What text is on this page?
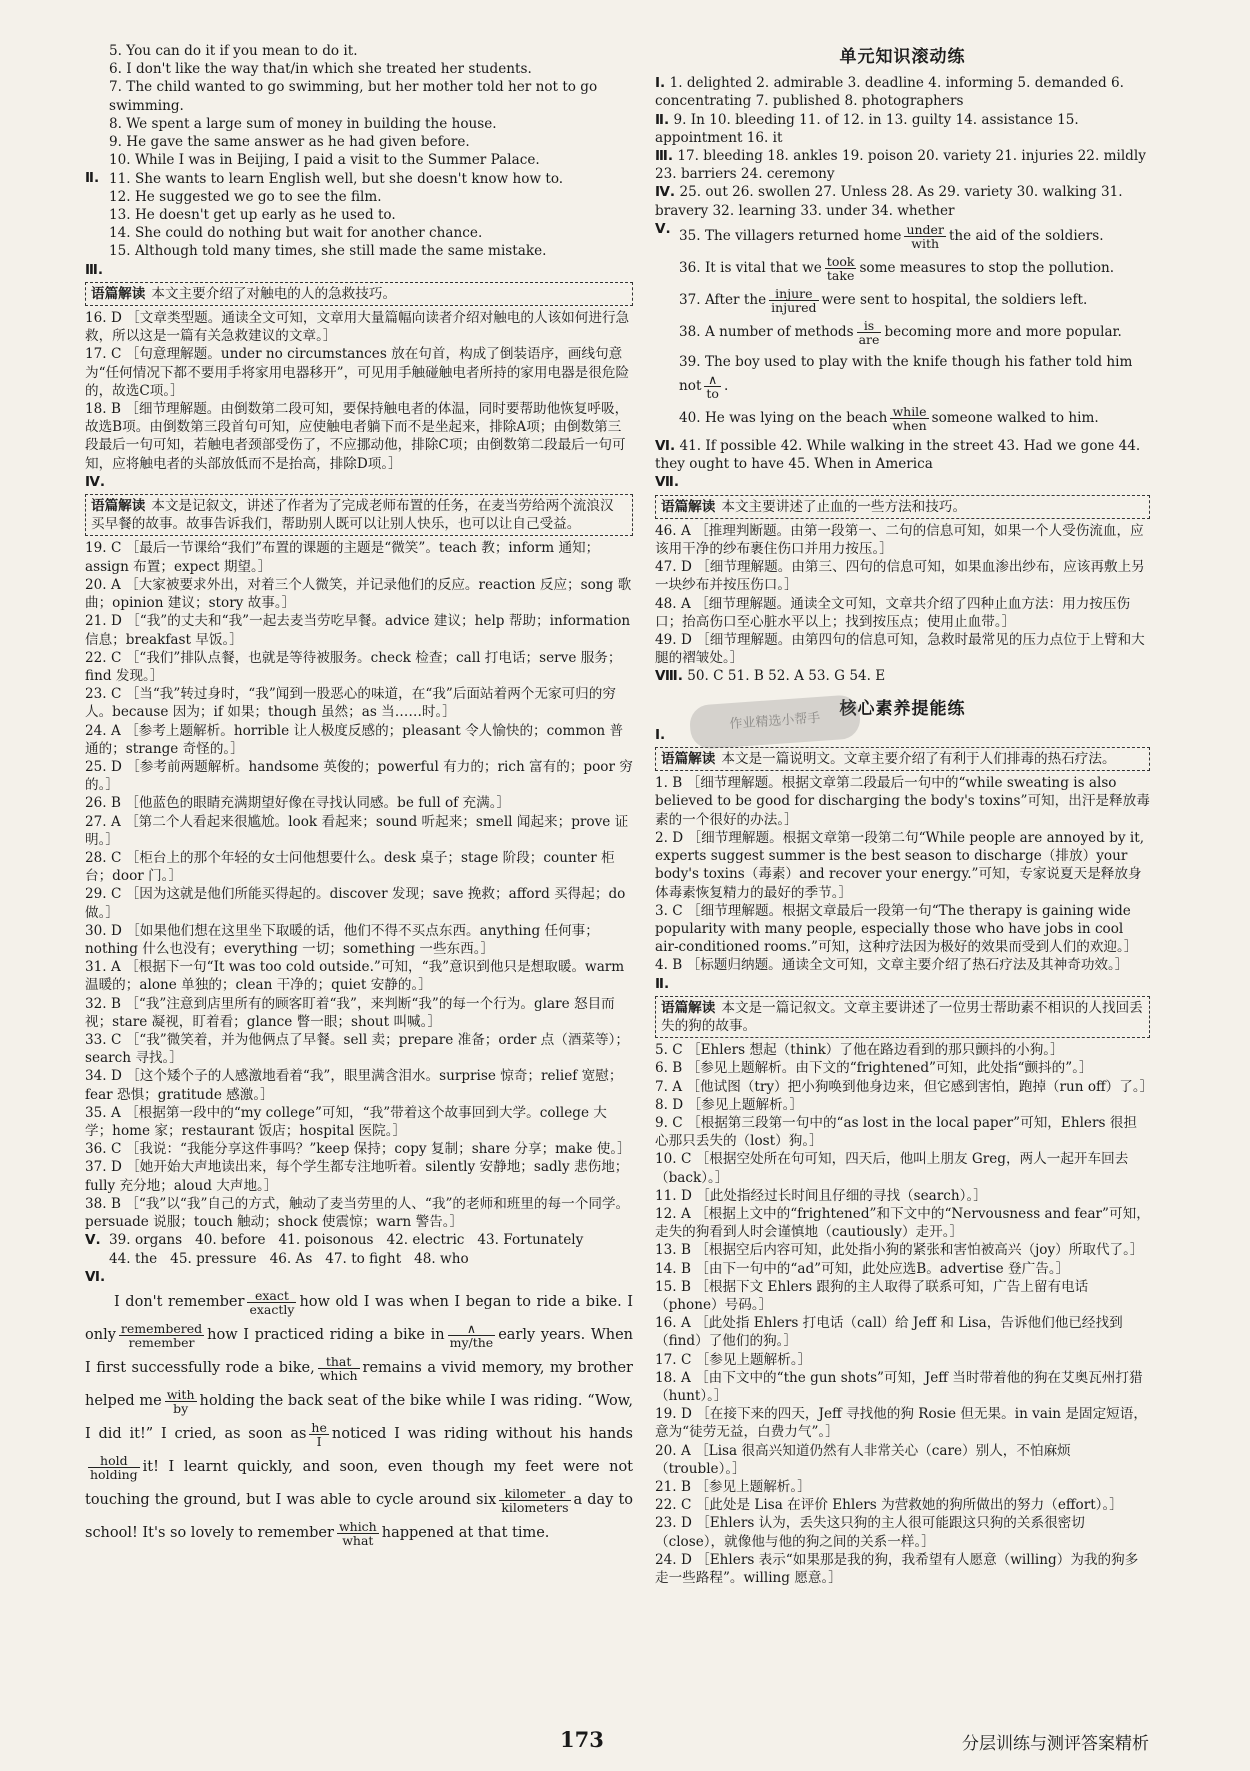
5. You can do it if you mean to do it.
6. I don't like the way that/in which she treated her students.
7. The child wanted to go swimming, but her mother told her not to go swimming.
8. We spent a large sum of money in building the house.
9. He gave the same answer as he had given before.
10. While I was in Beijing, I paid a visit to the Summer Palace.
Ⅱ. 11. She wants to learn English well, but she doesn't know how to.
12. He suggested we go to see the film.
13. He doesn't get up early as he used to.
14. She could do nothing but wait for another chance.
15. Although told many times, she still made the same mistake.
Ⅲ.
语篇解读 本文主要介绍了对触电的人的急救技巧。
16. D ［文章类型题。通读全文可知，文章用大量篇幅向读者介绍对触电的人该如何进行急救，所以这是一篇有关急救建议的文章。］
17. C ［句意理解题。under no circumstances 放在句首，构成了倒装语序，画线句意为“任何情况下都不要用手将家用电器移开”，可见用手触碰触电者所持的家用电器是很危险的，故选C项。］
18. B ［细节理解题。由倒数第二段可知，要保持触电者的体温，同时要帮助他恢复呼吸，故选B项。由倒数第三段首句可知，应使触电者躺下而不是坐起来，排除A项；由倒数第三段最后一句可知，若触电者颈部受伤了，不应挪动他，排除C项；由倒数第二段最后一句可知，应将触电者的头部放低而不是抬高，排除D项。］
Ⅳ.
语篇解读 本文是记叙文，讲述了作者为了完成老师布置的任务，在麦当劳给两个流浪汉买早餐的故事。故事告诉我们，帮助别人既可以让别人快乐，也可以让自己受益。
19. C ［最后一节课给“我们”布置的课题的主题是“微笑”。teach 教；inform 通知；assign 布置；expect 期望。］
20. A ［大家被要求外出，对着三个人微笑，并记录他们的反应。reaction 反应；song 歌曲；opinion 建议；story 故事。］
21. D ［“我”的丈夫和“我”一起去麦当劳吃早餐。advice 建议；help 帮助；information 信息；breakfast 早饭。］
22. C ［“我们”排队点餐，也就是等待被服务。check 检查；call 打电话；serve 服务；find 发现。］
23. C ［当“我”转过身时，“我”闻到一股恶心的味道，在“我”后面站着两个无家可归的穷人。because 因为；if 如果；though 虽然；as 当……时。］
24. A ［参考上题解析。horrible 让人极度反感的；pleasant 令人愉快的；common 普通的；strange 奇怪的。］
25. D ［参考前两题解析。handsome 英俊的；powerful 有力的；rich 富有的；poor 穷的。］
26. B ［他蓝色的眼睛充满期望好像在寻找认同感。be full of 充满。］
27. A ［第二个人看起来很尴尬。look 看起来；sound 听起来；smell 闻起来；prove 证明。］
28. C ［柜台上的那个年轻的女士问他想要什么。desk 桌子；stage 阶段；counter 柜台；door 门。］
29. C ［因为这就是他们所能买得起的。discover 发现；save 挽救；afford 买得起；do 做。］
30. D ［如果他们想在这里坐下取暖的话，他们不得不买点东西。anything 任何事；nothing 什么也没有；everything 一切；something 一些东西。］
31. A ［根据下一句“It was too cold outside.”可知，“我”意识到他只是想取暖。warm 温暖的；alone 单独的；clean 干净的；quiet 安静的。］
32. B ［“我”注意到店里所有的顾客盯着“我”，来判断“我”的每一个行为。glare 怒目而视；stare 凝视，盯着看；glance 瞥一眼；shout 叫喊。］
33. C ［“我”微笑着，并为他俩点了早餐。sell 卖；prepare 准备；order 点（酒菜等）；search 寻找。］
34. D ［这个矮个子的人感激地看着“我”，眼里满含泪水。surprise 惊奇；relief 宽慰；fear 恐惧；gratitude 感激。］
35. A ［根据第一段中的“my college”可知，“我”带着这个故事回到大学。college 大学；home 家；restaurant 饭店；hospital 医院。］
36. C ［我说：“我能分享这件事吗？”keep 保持；copy 复制；share 分享；make 使。］
37. D ［她开始大声地读出来，每个学生都专注地听着。silently 安静地；sadly 悲伤地；fully 充分地；aloud 大声地。］
38. B ［“我”以“我”自己的方式，触动了麦当劳里的人、“我”的老师和班里的每一个同学。persuade 说服；touch 触动；shock 使震惊；warn 警告。］
Ⅴ. 39. organs   40. before   41. poisonous   42. electric   43. Fortunately
44. the   45. pressure   46. As   47. to fight   48. who
Ⅵ.
  I don't remember $\frac{\text{exact}}{\text{exactly}}$ how old I was when I began to ride a bike. I only $\frac{\text{remembered}}{\text{remember}}$ how I practiced riding a bike in $\frac{\wedge}{\text{my/the}}$ early years. When I first successfully rode a bike, $\frac{\text{that}}{\text{which}}$ remains a vivid memory, my brother helped me $\frac{\text{with}}{by}$ holding the back seat of the bike while I was riding. “Wow, I did it!” I cried, as soon as $\frac{he}{I}$ noticed I was riding without his hands
$\frac{\text{hold}}{\text{holding}}$ it! I learnt quickly, and soon, even though my feet were not touching the ground, but I was able to cycle around six $\frac{\text{kilometer}}{\text{kilometers}}$ a day to school! It's so lovely to remember $\frac{\text{which}}{\text{what}}$ happened at that time.
单元知识滚动练
Ⅰ. 1. delighted 2. admirable 3. deadline 4. informing 5. demanded 6. concentrating 7. published 8. photographers
Ⅱ. 9. In 10. bleeding 11. of 12. in 13. guilty 14. assistance 15. appointment 16. it
Ⅲ. 17. bleeding 18. ankles 19. poison 20. variety 21. injuries 22. mildly 23. barriers 24. ceremony
Ⅳ. 25. out 26. swollen 27. Unless 28. As 29. variety 30. walking 31. bravery 32. learning 33. under 34. whether
Ⅴ. 35. The villagers returned home $\frac{\text{under}}{\text{with}}$ the aid of the soldiers.
36. It is vital that we $\frac{\text{took}}{\text{take}}$ some measures to stop the pollution.
37. After the $\frac{\text{injure}}{\text{injured}}$ were sent to hospital, the soldiers left.
38. A number of methods $\frac{is}{\text{are}}$ becoming more and more popular.
39. The boy used to play with the knife though his father told him not $\frac{\wedge}{to}$ .
40. He was lying on the beach $\frac{\text{while}}{\text{when}}$ someone walked to him.
Ⅵ. 41. If possible 42. While walking in the street 43. Had we gone 44. they ought to have 45. When in America
Ⅶ.
语篇解读 本文主要讲述了止血的一些方法和技巧。
46. A ［推理判断题。由第一段第一、二句的信息可知，如果一个人受伤流血，应该用干净的纱布裹住伤口并用力按压。］
47. D ［细节理解题。由第三、四句的信息可知，如果血渗出纱布，应该再敷上另一块纱布并按压伤口。］
48. A ［细节理解题。通读全文可知，文章共介绍了四种止血方法：用力按压伤口；抬高伤口至心脏水平以上；找到按压点；使用止血带。］
49. D ［细节理解题。由第四句的信息可知，急救时最常见的压力点位于上臂和大腿的褶皱处。］
Ⅷ. 50. C 51. B 52. A 53. G 54. E
核心素养提能练
Ⅰ.
语篇解读 本文是一篇说明文。文章主要介绍了有利于人们排毒的热石疗法。
1. B ［细节理解题。根据文章第二段最后一句中的“while sweating is also believed to be good for discharging the body's toxins”可知，出汗是释放毒素的一个很好的办法。］
2. D ［细节理解题。根据文章第一段第二句“While people are annoyed by it, experts suggest summer is the best season to discharge（排放）your body's toxins（毒素）and recover your energy.”可知，专家说夏天是释放身体毒素恢复精力的最好的季节。］
3. C ［细节理解题。根据文章最后一段第一句“The therapy is gaining wide popularity with many people, especially those who have jobs in cool air-conditioned rooms.”可知，这种疗法因为极好的效果而受到人们的欢迎。］
4. B ［标题归纳题。通读全文可知，文章主要介绍了热石疗法及其神奇功效。］
Ⅱ.
语篇解读 本文是一篇记叙文。文章主要讲述了一位男士帮助素不相识的人找回丢失的狗的故事。
5. C ［Ehlers 想起（think）了他在路边看到的那只颤抖的小狗。］
6. B ［参见上题解析。由下文的“frightened”可知，此处指“颤抖的”。］
7. A ［他试图（try）把小狗唤到他身边来，但它感到害怕，跑掉（run off）了。］
8. D ［参见上题解析。］
9. C ［根据第三段第一句中的“as lost in the local paper”可知，Ehlers 很担心那只丢失的（lost）狗。］
10. C ［根据空处所在句可知，四天后，他叫上朋友 Greg，两人一起开车回去（back）。］
11. D ［此处指经过长时间且仔细的寻找（search）。］
12. A ［根据上文中的“frightened”和下文中的“Nervousness and fear”可知，走失的狗看到人时会谨慎地（cautiously）走开。］
13. B ［根据空后内容可知，此处指小狗的紧张和害怕被高兴（joy）所取代了。］
14. B ［由下一句中的“ad”可知，此处应选B。advertise 登广告。］
15. B ［根据下文 Ehlers 跟狗的主人取得了联系可知，广告上留有电话（phone）号码。］
16. A ［此处指 Ehlers 打电话（call）给 Jeff 和 Lisa，告诉他们他已经找到（find）了他们的狗。］
17. C ［参见上题解析。］
18. A ［由下文中的“the gun shots”可知，Jeff 当时带着他的狗在艾奥瓦州打猎（hunt）。］
19. D ［在接下来的四天，Jeff 寻找他的狗 Rosie 但无果。in vain 是固定短语，意为“徒劳无益，白费力气”。］
20. A ［Lisa 很高兴知道仍然有人非常关心（care）别人，不怕麻烦（trouble）。］
21. B ［参见上题解析。］
22. C ［此处是 Lisa 在评价 Ehlers 为营救她的狗所做出的努力（effort）。］
23. D ［Ehlers 认为，丢失这只狗的主人很可能跟这只狗的关系很密切（close），就像他与他的狗之间的关系一样。］
24. D ［Ehlers 表示“如果那是我的狗，我希望有人愿意（willing）为我的狗多走一些路程”。willing 愿意。］
作业精选小帮手
173	分层训练与测评答案精析
